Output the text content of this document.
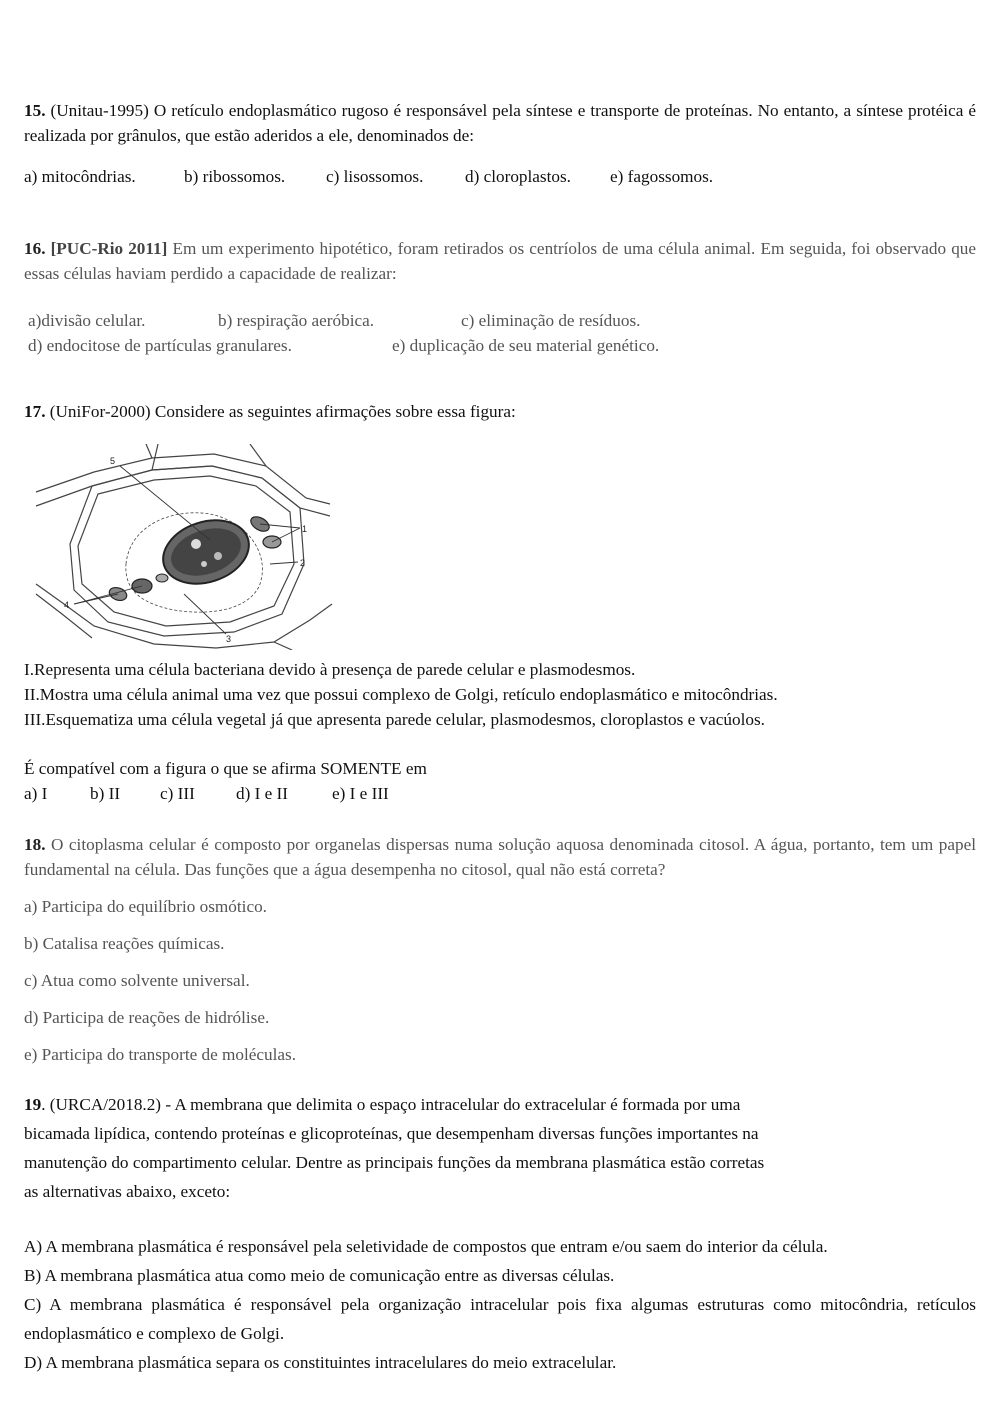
15. (Unitau-1995) O retículo endoplasmático rugoso é responsável pela síntese e transporte de proteínas. No entanto, a síntese protéica é realizada por grânulos, que estão aderidos a ele, denominados de:

a) mitocôndrias.	b) ribossomos. c) lisossomos. d) cloroplastos. e) fagossomos.

16. [PUC-Rio 2011] Em um experimento hipotético, foram retirados os centríolos de uma célula animal. Em seguida, foi observado que essas células haviam perdido a capacidade de realizar:

a)divisão celular.	b) respiração aeróbica.	c) eliminação de resíduos.

d) endocitose de partículas granulares.	e) duplicação de seu material genético.

17. (UniFor-2000) Considere as seguintes afirmações sobre essa figura:

5
1
2
4
3

I.Representa uma célula bacteriana devido à presença de parede celular e plasmodesmos.

II.Mostra uma célula animal uma vez que possui complexo de Golgi, retículo endoplasmático e mitocôndrias.

III.Esquematiza uma célula vegetal já que apresenta parede celular, plasmodesmos, cloroplastos e vacúolos.

É compatível com a figura o que se afirma SOMENTE em

a) I b) II c) III d) I e II	e) I e III

18. O citoplasma celular é composto por organelas dispersas numa solução aquosa denominada citosol. A água, portanto, tem um papel fundamental na célula. Das funções que a água desempenha no citosol, qual não está correta?

a) Participa do equilíbrio osmótico.

b) Catalisa reações químicas.

c) Atua como solvente universal.

d) Participa de reações de hidrólise.

e) Participa do transporte de moléculas.

19. (URCA/2018.2) - A membrana que delimita o espaço intracelular do extracelular é formada por uma

bicamada lipídica, contendo proteínas e glicoproteínas, que desempenham diversas funções importantes na

manutenção do compartimento celular. Dentre as principais funções da membrana plasmática estão corretas

as alternativas abaixo, exceto:

A) A membrana plasmática é responsável pela seletividade de compostos que entram e/ou saem do interior da célula.

B) A membrana plasmática atua como meio de comunicação entre as diversas células.

C) A membrana plasmática é responsável pela organização intracelular pois fixa algumas estruturas como mitocôndria, retículos endoplasmático e complexo de Golgi.

D) A membrana plasmática separa os constituintes intracelulares do meio extracelular.
